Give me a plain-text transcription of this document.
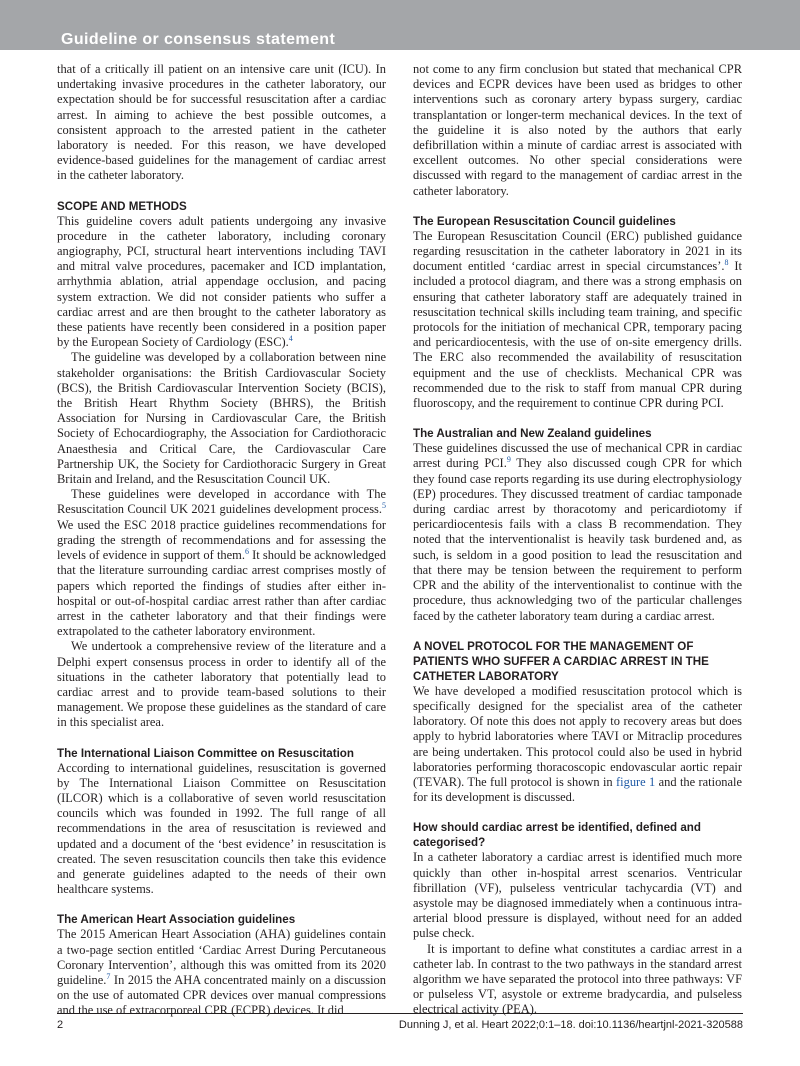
Guideline or consensus statement

that of a critically ill patient on an intensive care unit (ICU). In undertaking invasive procedures in the catheter laboratory, our expectation should be for successful resuscitation after a cardiac arrest. In aiming to achieve the best possible outcomes, a consistent approach to the arrested patient in the catheter laboratory is needed. For this reason, we have developed evidence-based guidelines for the management of cardiac arrest in the catheter laboratory.

SCOPE AND METHODS

This guideline covers adult patients undergoing any invasive procedure in the catheter laboratory, including coronary angiography, PCI, structural heart interventions including TAVI and mitral valve procedures, pacemaker and ICD implantation, arrhythmia ablation, atrial appendage occlusion, and pacing system extraction. We did not consider patients who suffer a cardiac arrest and are then brought to the catheter laboratory as these patients have recently been considered in a position paper by the European Society of Cardiology (ESC).$^4$

The guideline was developed by a collaboration between nine stakeholder organisations: the British Cardiovascular Society (BCS), the British Cardiovascular Intervention Society (BCIS), the British Heart Rhythm Society (BHRS), the British Association for Nursing in Cardiovascular Care, the British Society of Echocardiography, the Association for Cardiothoracic Anaesthesia and Critical Care, the Cardiovascular Care Partnership UK, the Society for Cardiothoracic Surgery in Great Britain and Ireland, and the Resuscitation Council UK.

These guidelines were developed in accordance with The Resuscitation Council UK 2021 guidelines development process.$^5$ We used the ESC 2018 practice guidelines recommendations for grading the strength of recommendations and for assessing the levels of evidence in support of them.$^6$ It should be acknowledged that the literature surrounding cardiac arrest comprises mostly of papers which reported the findings of studies after either in-hospital or out-of-hospital cardiac arrest rather than after cardiac arrest in the catheter laboratory and that their findings were extrapolated to the catheter laboratory environment.

We undertook a comprehensive review of the literature and a Delphi expert consensus process in order to identify all of the situations in the catheter laboratory that potentially lead to cardiac arrest and to provide team-based solutions to their management. We propose these guidelines as the standard of care in this specialist area.

The International Liaison Committee on Resuscitation

According to international guidelines, resuscitation is governed by The International Liaison Committee on Resuscitation (ILCOR) which is a collaborative of seven world resuscitation councils which was founded in 1992. The full range of all recommendations in the area of resuscitation is reviewed and updated and a document of the ‘best evidence’ in resuscitation is created. The seven resuscitation councils then take this evidence and generate guidelines adapted to the needs of their own healthcare systems.

The American Heart Association guidelines

The 2015 American Heart Association (AHA) guidelines contain a two-page section entitled ‘Cardiac Arrest During Percutaneous Coronary Intervention’, although this was omitted from its 2020 guideline.$^7$ In 2015 the AHA concentrated mainly on a discussion on the use of automated CPR devices over manual compressions and the use of extracorporeal CPR (ECPR) devices. It did

not come to any firm conclusion but stated that mechanical CPR devices and ECPR devices have been used as bridges to other interventions such as coronary artery bypass surgery, cardiac transplantation or longer-term mechanical devices. In the text of the guideline it is also noted by the authors that early defibrillation within a minute of cardiac arrest is associated with excellent outcomes. No other special considerations were discussed with regard to the management of cardiac arrest in the catheter laboratory.

The European Resuscitation Council guidelines

The European Resuscitation Council (ERC) published guidance regarding resuscitation in the catheter laboratory in 2021 in its document entitled ‘cardiac arrest in special circumstances’.$^8$ It included a protocol diagram, and there was a strong emphasis on ensuring that catheter laboratory staff are adequately trained in resuscitation technical skills including team training, and specific protocols for the initiation of mechanical CPR, temporary pacing and pericardiocentesis, with the use of on-site emergency drills. The ERC also recommended the availability of resuscitation equipment and the use of checklists. Mechanical CPR was recommended due to the risk to staff from manual CPR during fluoroscopy, and the requirement to continue CPR during PCI.

The Australian and New Zealand guidelines

These guidelines discussed the use of mechanical CPR in cardiac arrest during PCI.$^9$ They also discussed cough CPR for which they found case reports regarding its use during electrophysiology (EP) procedures. They discussed treatment of cardiac tamponade during cardiac arrest by thoracotomy and pericardiotomy if pericardiocentesis fails with a class B recommendation. They noted that the interventionalist is heavily task burdened and, as such, is seldom in a good position to lead the resuscitation and that there may be tension between the requirement to perform CPR and the ability of the interventionalist to continue with the procedure, thus acknowledging two of the particular challenges faced by the catheter laboratory team during a cardiac arrest.

A NOVEL PROTOCOL FOR THE MANAGEMENT OF PATIENTS WHO SUFFER A CARDIAC ARREST IN THE CATHETER LABORATORY

We have developed a modified resuscitation protocol which is specifically designed for the specialist area of the catheter laboratory. Of note this does not apply to recovery areas but does apply to hybrid laboratories where TAVI or Mitraclip procedures are being undertaken. This protocol could also be used in hybrid laboratories performing thoracoscopic endovascular aortic repair (TEVAR). The full protocol is shown in figure 1 and the rationale for its development is discussed.

How should cardiac arrest be identified, defined and categorised?

In a catheter laboratory a cardiac arrest is identified much more quickly than other in-hospital arrest scenarios. Ventricular fibrillation (VF), pulseless ventricular tachycardia (VT) and asystole may be diagnosed immediately when a continuous intra-arterial blood pressure is displayed, without need for an added pulse check.

It is important to define what constitutes a cardiac arrest in a catheter lab. In contrast to the two pathways in the standard arrest algorithm we have separated the protocol into three pathways: VF or pulseless VT, asystole or extreme bradycardia, and pulseless electrical activity (PEA).

2	Dunning J, et al. Heart 2022;0:1–18. doi:10.1136/heartjnl-2021-320588
